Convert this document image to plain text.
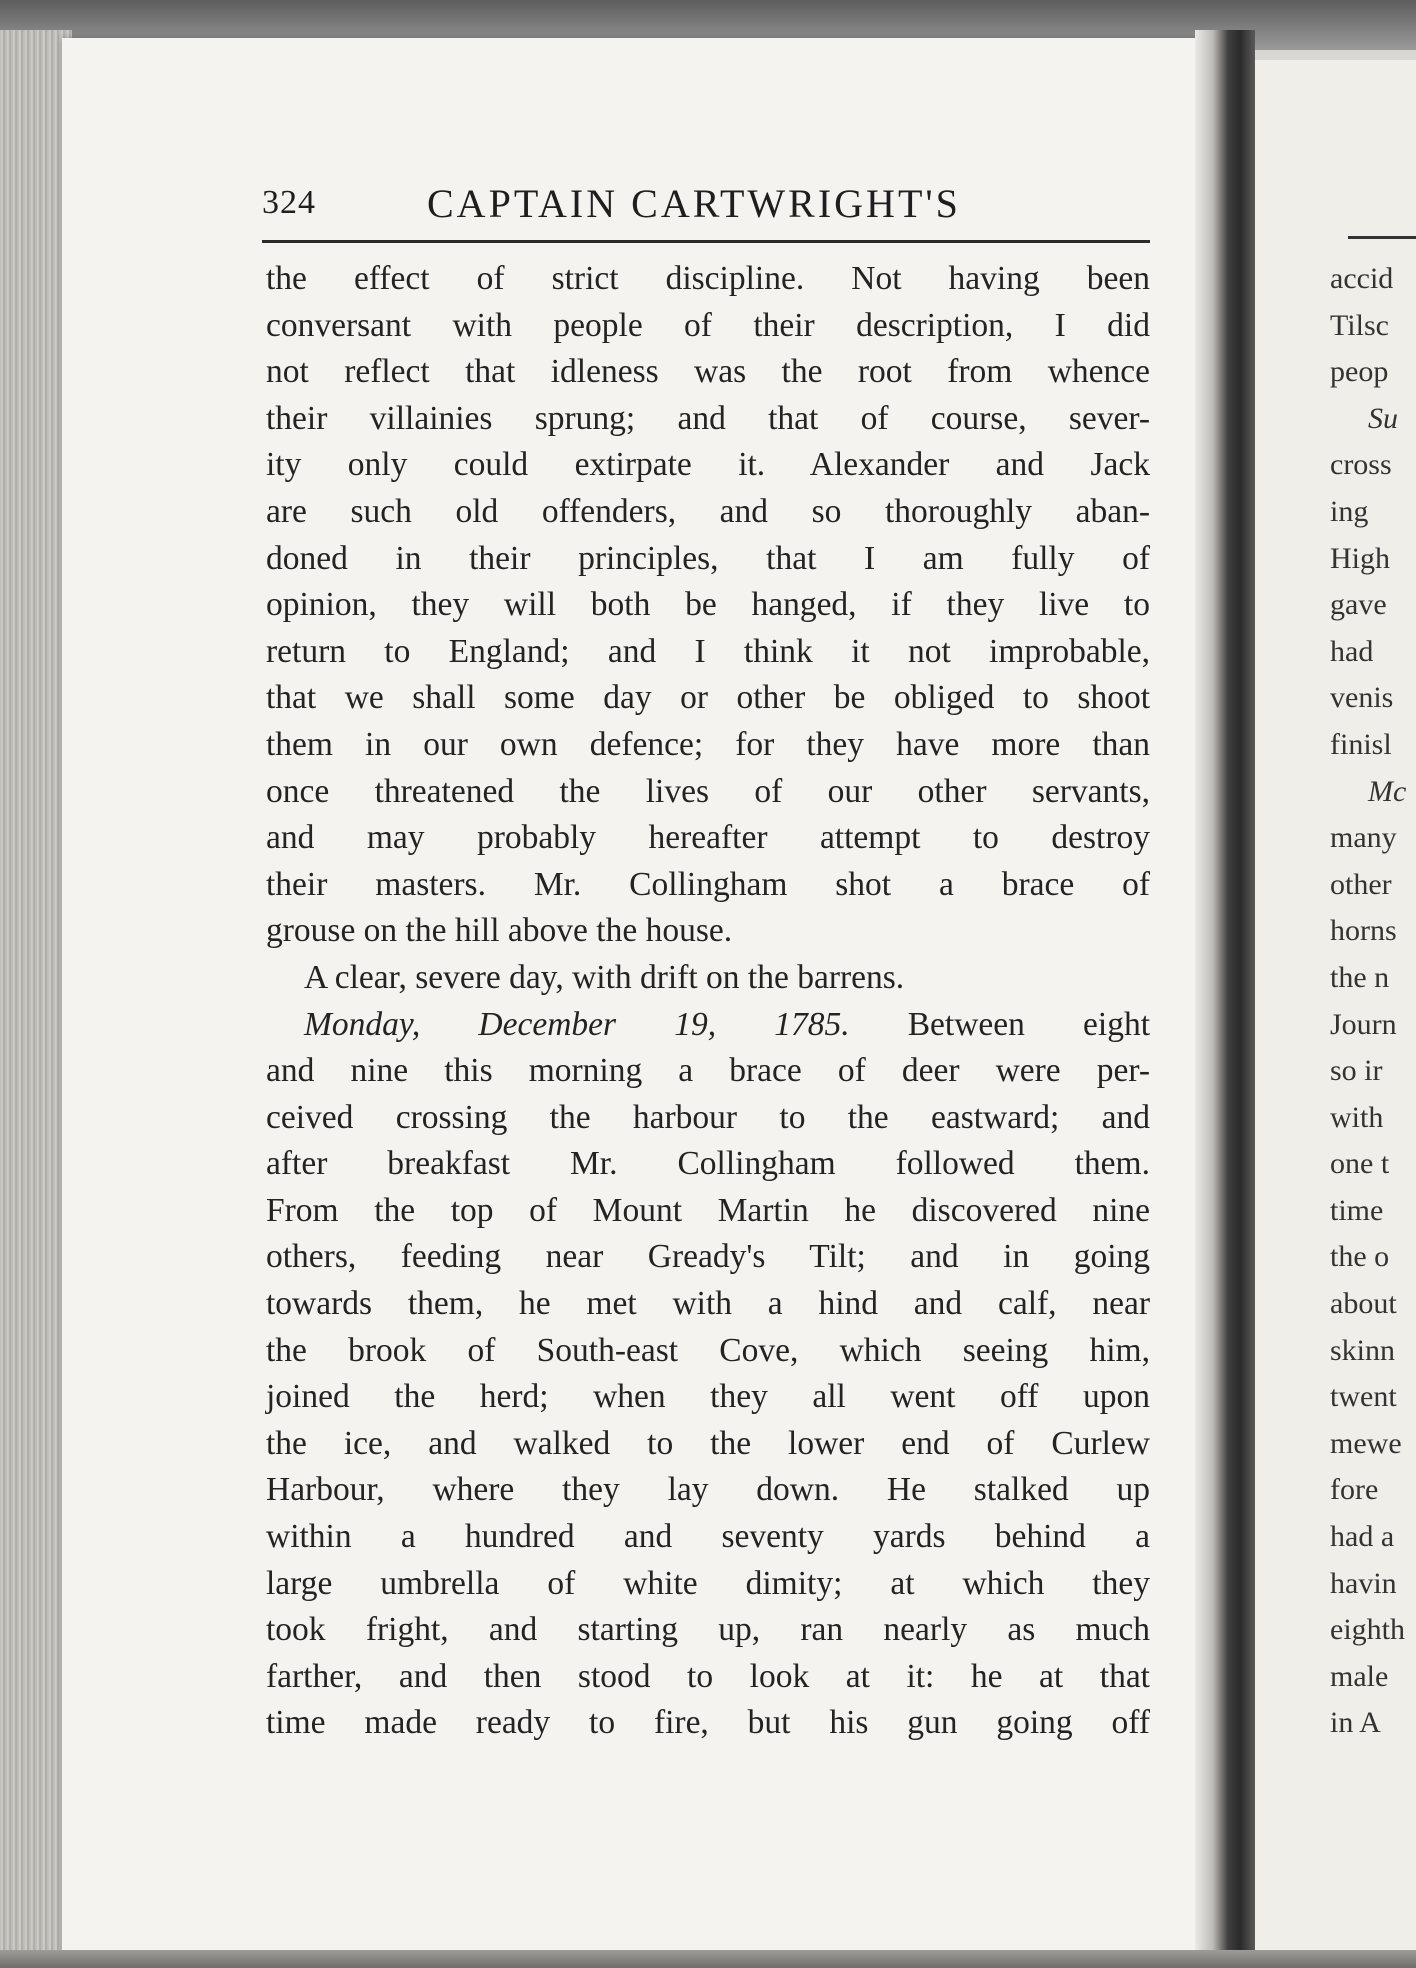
324	CAPTAIN CARTWRIGHT'S
the effect of strict discipline. Not having been
conversant with people of their description, I did
not reflect that idleness was the root from whence
their villainies sprung; and that of course, sever-
ity only could extirpate it. Alexander and Jack
are such old offenders, and so thoroughly aban-
doned in their principles, that I am fully of
opinion, they will both be hanged, if they live to
return to England; and I think it not improbable,
that we shall some day or other be obliged to shoot
them in our own defence; for they have more than
once threatened the lives of our other servants,
and may probably hereafter attempt to destroy
their masters. Mr. Collingham shot a brace of
grouse on the hill above the house.
A clear, severe day, with drift on the barrens.
Monday, December 19, 1785. Between eight
and nine this morning a brace of deer were per-
ceived crossing the harbour to the eastward; and
after breakfast Mr. Collingham followed them.
From the top of Mount Martin he discovered nine
others, feeding near Gready's Tilt; and in going
towards them, he met with a hind and calf, near
the brook of South-east Cove, which seeing him,
joined the herd; when they all went off upon
the ice, and walked to the lower end of Curlew
Harbour, where they lay down. He stalked up
within a hundred and seventy yards behind a
large umbrella of white dimity; at which they
took fright, and starting up, ran nearly as much
farther, and then stood to look at it: he at that
time made ready to fire, but his gun going off
accid
Tilsc
peop
Su
cross
ing
High
gave
had
venis
finisl
Mc
many
other
horns
the n
Journ
so ir
with
one t
time
the o
about
skinn
twent
mewe
fore
had a
havin
eighth
male
in A
